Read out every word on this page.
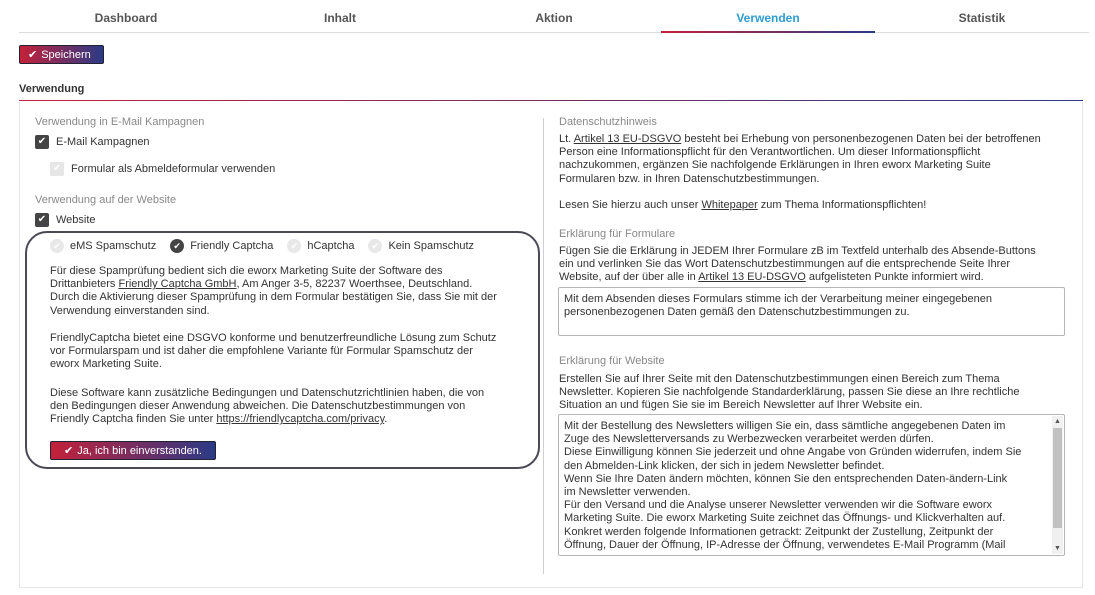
Dashboard	Inhalt	Aktion	Verwenden	Statistik
✔ Speichern
Verwendung
Verwendung in E-Mail Kampagnen
✔ E-Mail Kampagnen
✔ Formular als Abmeldeformular verwenden
Verwendung auf der Website
✔ Website
✔ eMS Spamschutz	✔ Friendly Captcha	✔ hCaptcha	✔ Kein Spamschutz
Für diese Spamprüfung bedient sich die eworx Marketing Suite der Software des
Drittanbieters Friendly Captcha GmbH, Am Anger 3-5, 82237 Woerthsee, Deutschland.
Durch die Aktivierung dieser Spamprüfung in dem Formular bestätigen Sie, dass Sie mit der
Verwendung einverstanden sind.
FriendlyCaptcha bietet eine DSGVO konforme und benutzerfreundliche Lösung zum Schutz
vor Formularspam und ist daher die empfohlene Variante für Formular Spamschutz der
eworx Marketing Suite.
Diese Software kann zusätzliche Bedingungen und Datenschutzrichtlinien haben, die von
den Bedingungen dieser Anwendung abweichen. Die Datenschutzbestimmungen von
Friendly Captcha finden Sie unter https://friendlycaptcha.com/privacy.
✔ Ja, ich bin einverstanden.
Datenschutzhinweis
Lt. Artikel 13 EU-DSGVO besteht bei Erhebung von personenbezogenen Daten bei der betroffenen
Person eine Informationspflicht für den Verantwortlichen. Um dieser Informationspflicht
nachzukommen, ergänzen Sie nachfolgende Erklärungen in Ihren eworx Marketing Suite
Formularen bzw. in Ihren Datenschutzbestimmungen.
Lesen Sie hierzu auch unser Whitepaper zum Thema Informationspflichten!
Erklärung für Formulare
Fügen Sie die Erklärung in JEDEM Ihrer Formulare zB im Textfeld unterhalb des Absende-Buttons
ein und verlinken Sie das Wort Datenschutzbestimmungen auf die entsprechende Seite Ihrer
Website, auf der über alle in Artikel 13 EU-DSGVO aufgelisteten Punkte informiert wird.
Mit dem Absenden dieses Formulars stimme ich der Verarbeitung meiner eingegebenen
personenbezogenen Daten gemäß den Datenschutzbestimmungen zu.
Erklärung für Website
Erstellen Sie auf Ihrer Seite mit den Datenschutzbestimmungen einen Bereich zum Thema
Newsletter. Kopieren Sie nachfolgende Standarderklärung, passen Sie diese an Ihre rechtliche
Situation an und fügen Sie sie im Bereich Newsletter auf Ihrer Website ein.
Mit der Bestellung des Newsletters willigen Sie ein, dass sämtliche angegebenen Daten im
Zuge des Newsletterversands zu Werbezwecken verarbeitet werden dürfen.
Diese Einwilligung können Sie jederzeit und ohne Angabe von Gründen widerrufen, indem Sie
den Abmelden-Link klicken, der sich in jedem Newsletter befindet.
Wenn Sie Ihre Daten ändern möchten, können Sie den entsprechenden Daten-ändern-Link
im Newsletter verwenden.
Für den Versand und die Analyse unserer Newsletter verwenden wir die Software eworx
Marketing Suite. Die eworx Marketing Suite zeichnet das Öffnungs- und Klickverhalten auf.
Konkret werden folgende Informationen getrackt: Zeitpunkt der Zustellung, Zeitpunkt der
Öffnung, Dauer der Öffnung, IP-Adresse der Öffnung, verwendetes E-Mail Programm (Mail
▲
▼
